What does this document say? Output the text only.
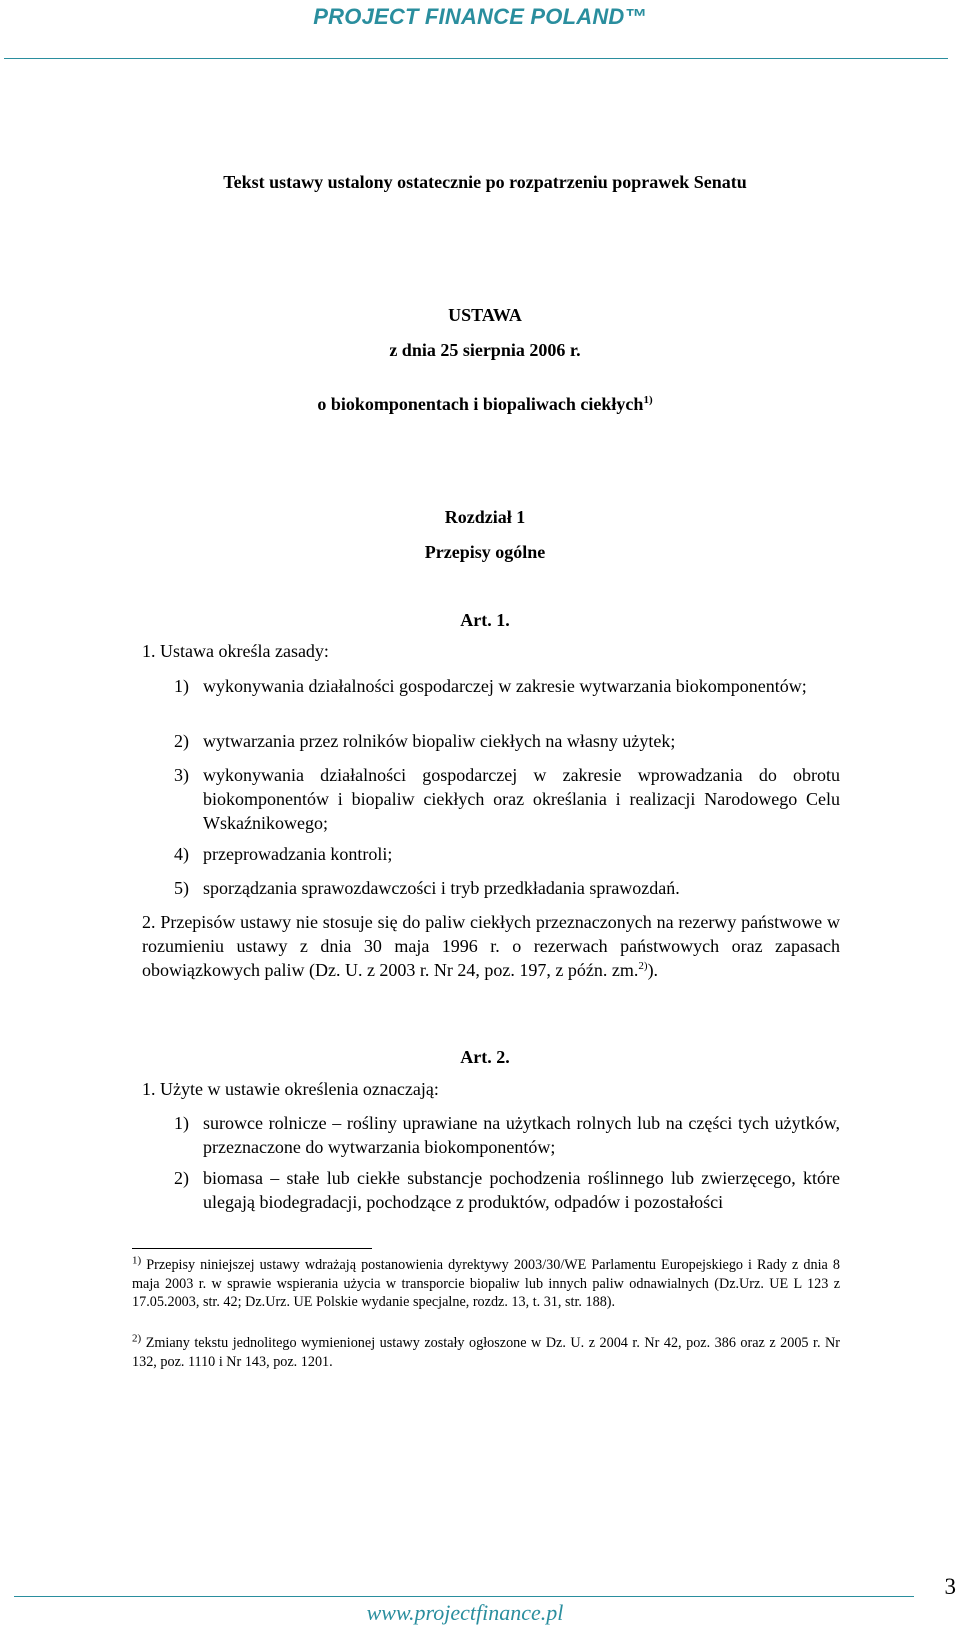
PROJECT FINANCE POLAND™
Tekst ustawy ustalony ostatecznie po rozpatrzeniu poprawek Senatu
USTAWA
z dnia 25 sierpnia 2006 r.
o biokomponentach i biopaliwach ciekłych$^{1)}$
Rozdział 1
Przepisy ogólne
Art. 1.
1. Ustawa określa zasady:
1) wykonywania działalności gospodarczej w zakresie wytwarzania biokomponentów;
2) wytwarzania przez rolników biopaliw ciekłych na własny użytek;
3) wykonywania działalności gospodarczej w zakresie wprowadzania do obrotu biokomponentów i biopaliw ciekłych oraz określania i realizacji Narodowego Celu Wskaźnikowego;
4) przeprowadzania kontroli;
5) sporządzania sprawozdawczości i tryb przedkładania sprawozdań.
2. Przepisów ustawy nie stosuje się do paliw ciekłych przeznaczonych na rezerwy państwowe w rozumieniu ustawy z dnia 30 maja 1996 r. o rezerwach państwowych oraz zapasach obowiązkowych paliw (Dz. U. z 2003 r. Nr 24, poz. 197, z późn. zm.$^{2)}$).
Art. 2.
1. Użyte w ustawie określenia oznaczają:
1) surowce rolnicze – rośliny uprawiane na użytkach rolnych lub na części tych użytków, przeznaczone do wytwarzania biokomponentów;
2) biomasa – stałe lub ciekłe substancje pochodzenia roślinnego lub zwierzęcego, które ulegają biodegradacji, pochodzące z produktów, odpadów i pozostałości
$^{1)}$ Przepisy niniejszej ustawy wdrażają postanowienia dyrektywy 2003/30/WE Parlamentu Europejskiego i Rady z dnia 8 maja 2003 r. w sprawie wspierania użycia w transporcie biopaliw lub innych paliw odnawialnych (Dz.Urz. UE L 123 z 17.05.2003, str. 42; Dz.Urz. UE Polskie wydanie specjalne, rozdz. 13, t. 31, str. 188).
$^{2)}$ Zmiany tekstu jednolitego wymienionej ustawy zostały ogłoszone w Dz. U. z 2004 r. Nr 42, poz. 386 oraz z 2005 r. Nr 132, poz. 1110 i Nr 143, poz. 1201.
3
www.projectfinance.pl
